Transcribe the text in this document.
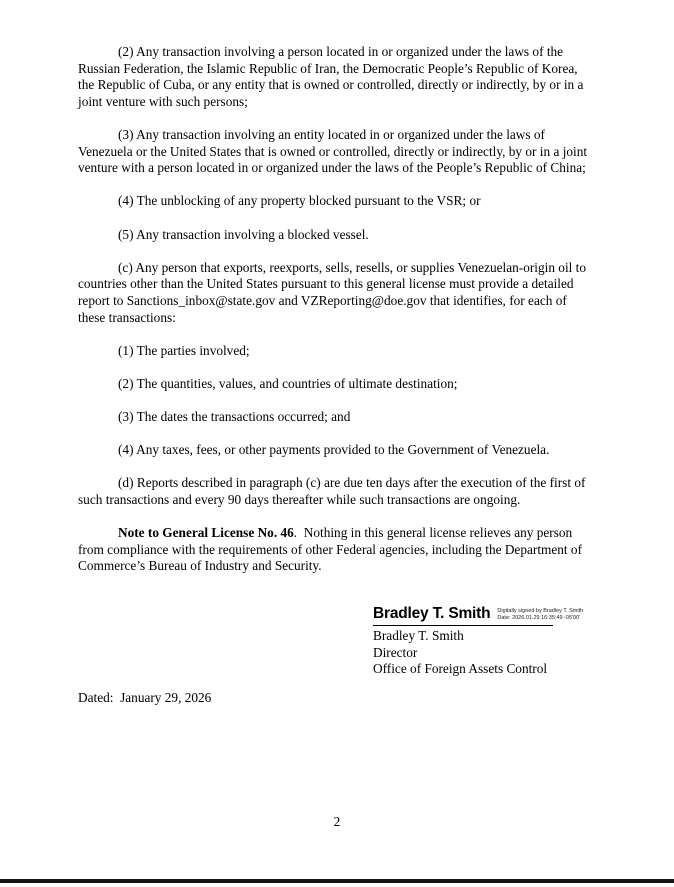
(2) Any transaction involving a person located in or organized under the laws of the Russian Federation, the Islamic Republic of Iran, the Democratic People’s Republic of Korea, the Republic of Cuba, or any entity that is owned or controlled, directly or indirectly, by or in a joint venture with such persons;

(3) Any transaction involving an entity located in or organized under the laws of Venezuela or the United States that is owned or controlled, directly or indirectly, by or in a joint venture with a person located in or organized under the laws of the People’s Republic of China;

(4) The unblocking of any property blocked pursuant to the VSR; or

(5) Any transaction involving a blocked vessel.

(c) Any person that exports, reexports, sells, resells, or supplies Venezuelan-origin oil to countries other than the United States pursuant to this general license must provide a detailed report to Sanctions_inbox@state.gov and VZReporting@doe.gov that identifies, for each of these transactions:

(1) The parties involved;

(2) The quantities, values, and countries of ultimate destination;

(3) The dates the transactions occurred; and

(4) Any taxes, fees, or other payments provided to the Government of Venezuela.

(d) Reports described in paragraph (c) are due ten days after the execution of the first of such transactions and every 90 days thereafter while such transactions are ongoing.

Note to General License No. 46.  Nothing in this general license relieves any person from compliance with the requirements of other Federal agencies, including the Department of Commerce’s Bureau of Industry and Security.

Bradley T. Smith Digitally signed by Bradley T. Smith
Date: 2026.01.29 16:35:49 -05'00'
Bradley T. Smith
Director
Office of Foreign Assets Control
Dated:  January 29, 2026
2
